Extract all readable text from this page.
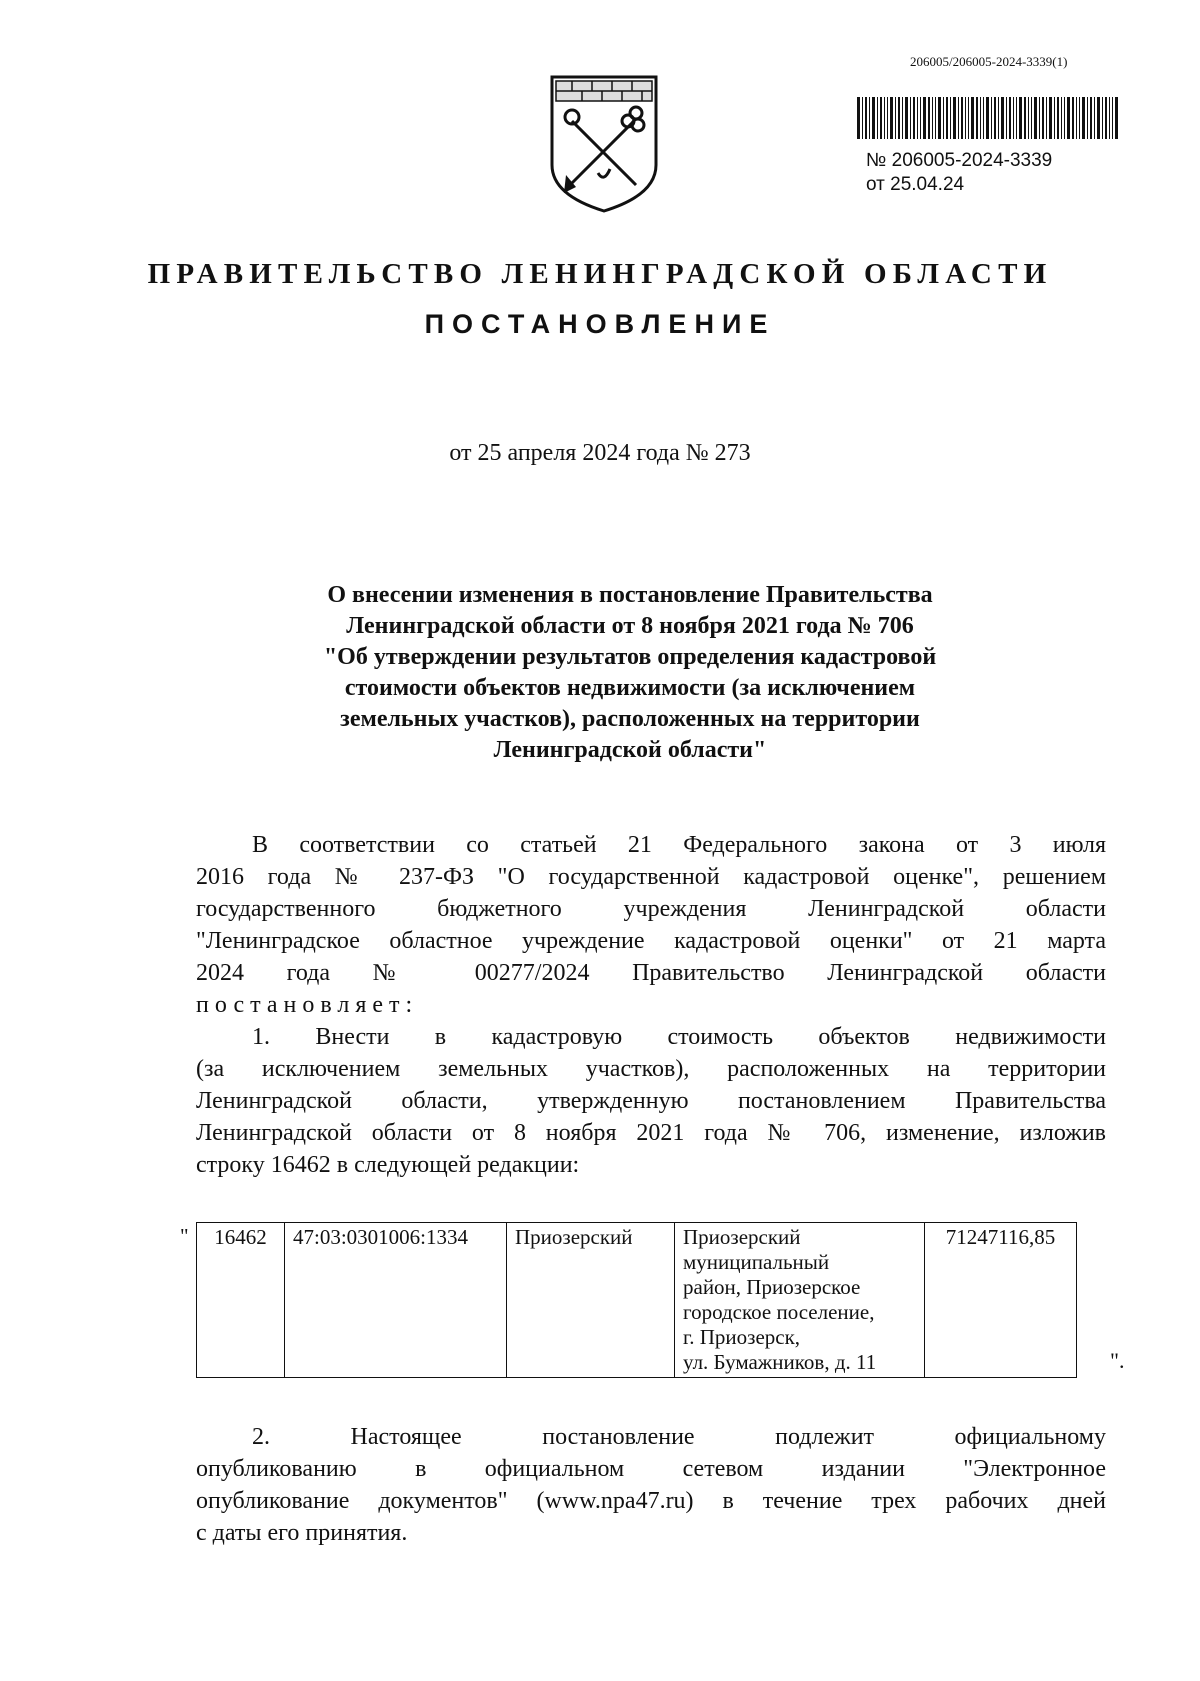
206005/206005-2024-3339(1)
№ 206005-2024-3339
от 25.04.24
ПРАВИТЕЛЬСТВО ЛЕНИНГРАДСКОЙ ОБЛАСТИ
ПОСТАНОВЛЕНИЕ
от 25 апреля 2024 года № 273
О внесении изменения в постановление Правительства
Ленинградской области от 8 ноября 2021 года № 706
"Об утверждении результатов определения кадастровой
стоимости объектов недвижимости (за исключением
земельных участков), расположенных на территории
Ленинградской области"
В соответствии со статьей 21 Федерального закона от 3 июля
2016 года № 237-ФЗ "О государственной кадастровой оценке", решением
государственного бюджетного учреждения Ленинградской области
"Ленинградское областное учреждение кадастровой оценки" от 21 марта
2024 года № 00277/2024 Правительство Ленинградской области
постановляет:
1. Внести в кадастровую стоимость объектов недвижимости
(за исключением земельных участков), расположенных на территории
Ленинградской области, утвержденную постановлением Правительства
Ленинградской области от 8 ноября 2021 года № 706, изменение, изложив
строку 16462 в следующей редакции:
" 16462	47:03:0301006:1334	Приозерский	Приозерский
муниципальный
район, Приозерское
городское поселение,
г. Приозерск,
ул. Бумажников, д. 11
	71247116,85
".
2. Настоящее постановление подлежит официальному
опубликованию в официальном сетевом издании "Электронное
опубликование документов" (www.npa47.ru) в течение трех рабочих дней
с даты его принятия.
